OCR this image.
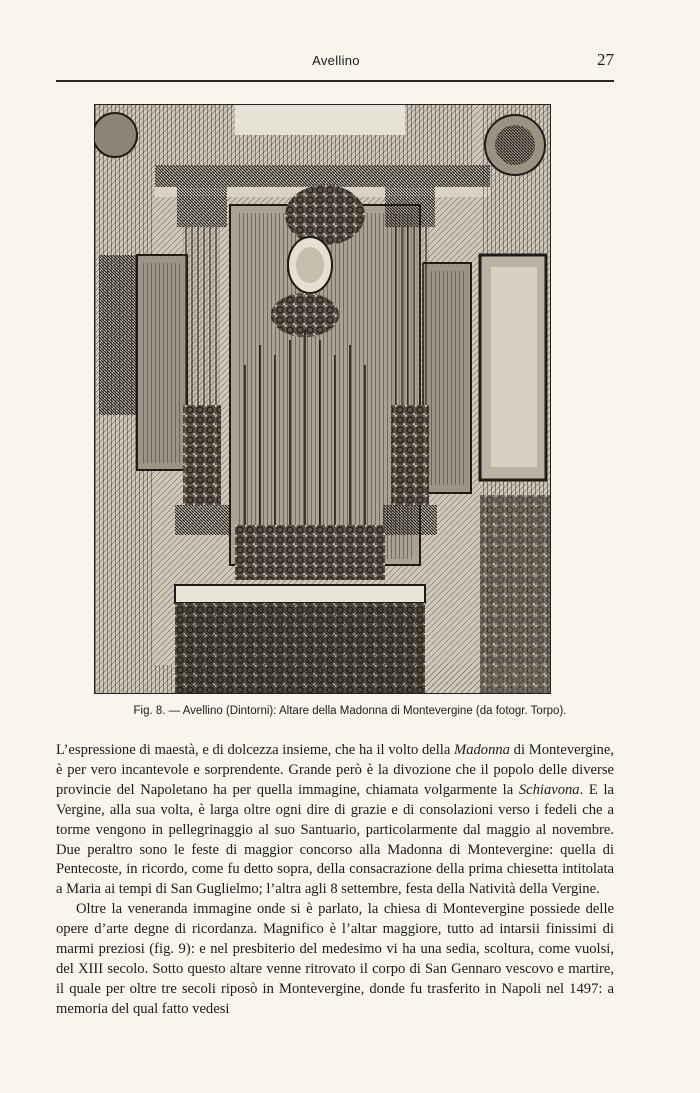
Avellino	27
Fig. 8. — Avellino (Dintorni): Altare della Madonna di Montevergine (da fotogr. Torpo).

L’espressione di maestà, e di dolcezza insieme, che ha il volto della Madonna di Montevergine, è per vero incantevole e sorprendente. Grande però è la divozione che il popolo delle diverse provincie del Napoletano ha per quella immagine, chiamata volgarmente la Schiavona. E la Vergine, alla sua volta, è larga oltre ogni dire di grazie e di consolazioni verso i fedeli che a torme vengono in pellegrinaggio al suo Santuario, particolarmente dal maggio al novembre. Due peraltro sono le feste di maggior concorso alla Madonna di Montevergine: quella di Pentecoste, in ricordo, come fu detto sopra, della consacrazione della prima chiesetta intitolata a Maria ai tempi di San Guglielmo; l’altra agli 8 settembre, festa della Natività della Vergine.

Oltre la veneranda immagine onde si è parlato, la chiesa di Montevergine possiede delle opere d’arte degne di ricordanza. Magnifico è l’altar maggiore, tutto ad intarsii finissimi di marmi preziosi (fig. 9): e nel presbiterio del medesimo vi ha una sedia, scoltura, come vuolsi, del XIII secolo. Sotto questo altare venne ritrovato il corpo di San Gennaro vescovo e martire, il quale per oltre tre secoli riposò in Montevergine, donde fu trasferito in Napoli nel 1497: a memoria del qual fatto vedesi
